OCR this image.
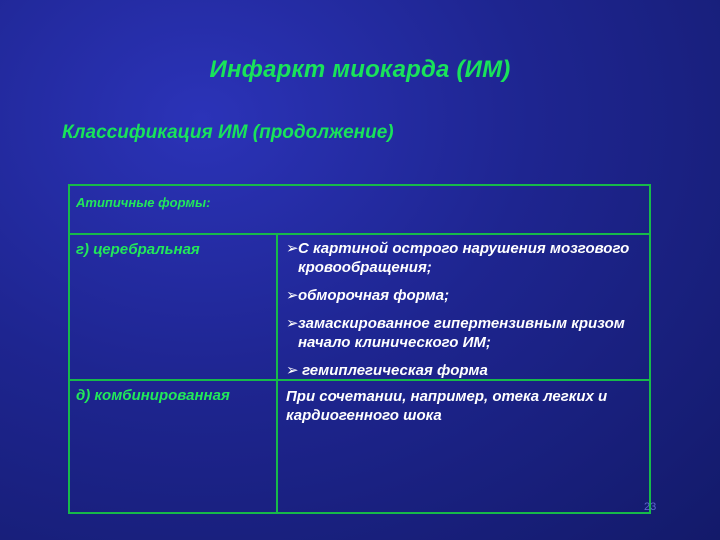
Инфаркт миокарда (ИМ)
Классификация ИМ (продолжение)
Атипичные формы:
г) церебральная	➢ С картиной острого нарушения мозгового кровообращения;
➢ обморочная форма;
➢ замаскированное гипертензивным кризом начало клинического ИМ;
➢ гемиплегическая форма
д) комбинированная	При сочетании, например, отека легких и кардиогенного шока
23
